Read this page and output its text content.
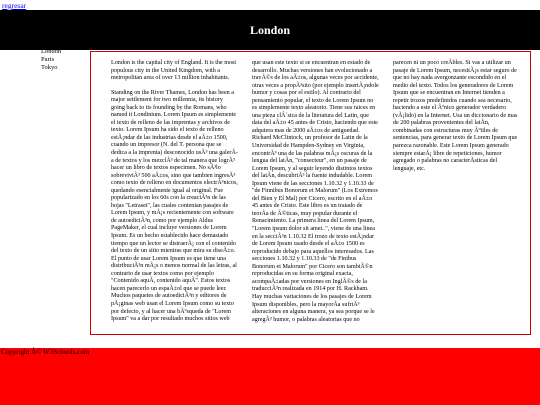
regresar
London
London
Paris
Tokyo

London is the capital city of England. It is the most populous city in the United Kingdom, with a metropolitan area of over 13 million inhabitants.

Standing on the River Thames, London has been a major settlement for two millennia, its history going back to its founding by the Romans, who named it Londinium. Lorem Ipsum es simplemente el texto de relleno de las imprentas y archivos de texto. Lorem Ipsum ha sido el texto de relleno estÃ¡ndar de las industrias desde el aÃ±o 1500, cuando un impresor (N. del T. persona que se dedica a la imprenta) desconocido usÃ³ una galerÃa de textos y los mezclÃ³ de tal manera que logrÃ³ hacer un libro de textos especimen. No sÃ³lo sobreviviÃ³ 500 aÃ±os, sino que tambien ingresÃ³ como texto de relleno en documentos electrÃ³nicos, quedando esencialmente igual al original. Fue popularizado en los 60s con la creaciÃ³n de las hojas "Letraset", las cuales contenian pasajes de Lorem Ipsum, y mÃ¡s recientemente con software de autoediciÃ³n, como por ejemplo Aldus PageMaker, el cual incluye versiones de Lorem Ipsum. Es un hecho establecido hace demasiado tiempo que un lector se distraerÃ¡ con el contenido del texto de un sitio mientras que mira su diseÃ±o. El punto de usar Lorem Ipsum es que tiene una distribuciÃ³n mÃ¡s o menos normal de las letras, al contrario de usar textos como por ejemplo "Contenido aquÃ, contenido aquÃ". Estos textos hacen parecerlo un espaÃ±ol que se puede leer. Muchos paquetes de autoediciÃ³n y editores de pÃ¡ginas web usan el Lorem Ipsum como su texto por defecto, y al hacer una bÃºsqueda de "Lorem Ipsum" va a dar por resultado muchos sitios web que usan este texto si se encuentran en estado de desarrollo. Muchas versiones han evolucionado a travÃ©s de los aÃ±os, algunas veces por accidente, otras veces a propÃ³sito (por ejemplo insertÃ¡ndole humor y cosas por el estilo). Al contrario del pensamiento popular, el texto de Lorem Ipsum no es simplemente texto aleatorio. Tiene sus raices en una pieza clÂ´sica de la literatura del Latin, que data del aÃ±o 45 antes de Cristo, haciendo que este adquiera mas de 2000 aÃ±os de antiguedad. Richard McClintock, un profesor de Latin de la Universidad de Hampden-Sydney en Virginia, encontrÃ³ una de las palabras mÃ¡s oscuras de la lengua del latÃn, "consecteur", en un pasaje de Lorem Ipsum, y al seguir leyendo distintos textos del latÃn, descubriÃ³ la fuente indudable. Lorem Ipsum viene de las secciones 1.10.32 y 1.10.33 de "de Finnibus Bonorum et Malorum" (Los Extremos del Bien y El Mal) por Cicero, escrito en el aÃ±o 45 antes de Cristo. Este libro es un tratado de teorÃa de Ã©ticas, muy popular durante el Renacimiento. La primera linea del Lorem Ipsum, "Lorem ipsum dolor sit amet..", viene de una linea en la secciÃ³n 1.10.32 El trozo de texto estÃ¡ndar de Lorem Ipsum usado desde el aÃ±o 1500 es reproducido debajo para aquellos interesados. Las secciones 1.10.32 y 1.10.33 de "de Finibus Bonorum et Malorum" por Cicero son tambiÃ©n reproducidas en su forma original exacta, acompaÃ±adas por versiones en InglÃ©s de la traducciÃ³n realizada en 1914 por H. Rackham. Hay muchas variaciones de los pasajes de Lorem Ipsum disponibles, pero la mayorÃa sufriÃ³ alteraciones en alguna manera, ya sea porque se le agregÃ³ humor, o palabras aleatorias que no parecen ni un poco creÃbles. Si vas a utilizar un pasaje de Lorem Ipsum, necesitÃ¡s estar seguro de que no hay nada avergonzante escondido en el medio del texto. Todos los generadores de Lorem Ipsum que se encuentran en Internet tienden a repetir trozos predefinidos cuando sea necesario, haciendo a este el Ãºnico generador verdadero (vÃ¡lido) en la Internet. Usa un diccionario de mas de 200 palabras provenientes del latÃn, combinadas con estructuras muy Ãºtiles de sentencias, para generar texto de Lorem Ipsum que parezca razonable. Este Lorem Ipsum generado siempre estarÃ¡ libre de repeticiones, humor agregado o palabras no caracterÃsticas del lenguaje, etc.

Copyright Â© W3Schools.com
